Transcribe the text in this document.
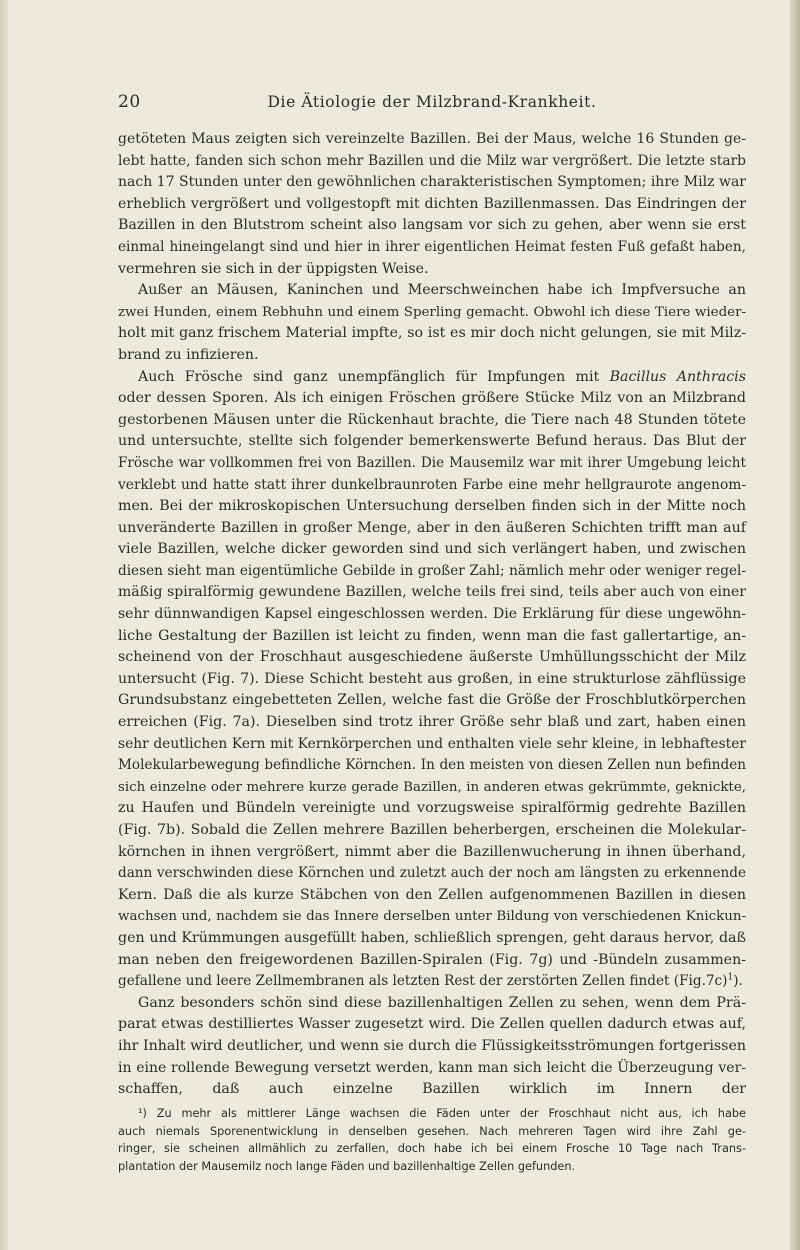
20	Die Ätiologie der Milzbrand-Krankheit.
getöteten Maus zeigten sich vereinzelte Bazillen. Bei der Maus, welche 16 Stunden ge-
lebt hatte, fanden sich schon mehr Bazillen und die Milz war vergrößert. Die letzte starb
nach 17 Stunden unter den gewöhnlichen charakteristischen Symptomen; ihre Milz war
erheblich vergrößert und vollgestopft mit dichten Bazillenmassen. Das Eindringen der
Bazillen in den Blutstrom scheint also langsam vor sich zu gehen, aber wenn sie erst
einmal hineingelangt sind und hier in ihrer eigentlichen Heimat festen Fuß gefaßt haben,
vermehren sie sich in der üppigsten Weise.
Außer an Mäusen, Kaninchen und Meerschweinchen habe ich Impfversuche an
zwei Hunden, einem Rebhuhn und einem Sperling gemacht. Obwohl ich diese Tiere wieder-
holt mit ganz frischem Material impfte, so ist es mir doch nicht gelungen, sie mit Milz-
brand zu infizieren.
Auch Frösche sind ganz unempfänglich für Impfungen mit Bacillus Anthracis
oder dessen Sporen. Als ich einigen Fröschen größere Stücke Milz von an Milzbrand
gestorbenen Mäusen unter die Rückenhaut brachte, die Tiere nach 48 Stunden tötete
und untersuchte, stellte sich folgender bemerkenswerte Befund heraus. Das Blut der
Frösche war vollkommen frei von Bazillen. Die Mausemilz war mit ihrer Umgebung leicht
verklebt und hatte statt ihrer dunkelbraunroten Farbe eine mehr hellgraurote angenom-
men. Bei der mikroskopischen Untersuchung derselben finden sich in der Mitte noch
unveränderte Bazillen in großer Menge, aber in den äußeren Schichten trifft man auf
viele Bazillen, welche dicker geworden sind und sich verlängert haben, und zwischen
diesen sieht man eigentümliche Gebilde in großer Zahl; nämlich mehr oder weniger regel-
mäßig spiralförmig gewundene Bazillen, welche teils frei sind, teils aber auch von einer
sehr dünnwandigen Kapsel eingeschlossen werden. Die Erklärung für diese ungewöhn-
liche Gestaltung der Bazillen ist leicht zu finden, wenn man die fast gallertartige, an-
scheinend von der Froschhaut ausgeschiedene äußerste Umhüllungsschicht der Milz
untersucht (Fig. 7). Diese Schicht besteht aus großen, in eine strukturlose zähflüssige
Grundsubstanz eingebetteten Zellen, welche fast die Größe der Froschblutkörperchen
erreichen (Fig. 7a). Dieselben sind trotz ihrer Größe sehr blaß und zart, haben einen
sehr deutlichen Kern mit Kernkörperchen und enthalten viele sehr kleine, in lebhaftester
Molekularbewegung befindliche Körnchen. In den meisten von diesen Zellen nun befinden
sich einzelne oder mehrere kurze gerade Bazillen, in anderen etwas gekrümmte, geknickte,
zu Haufen und Bündeln vereinigte und vorzugsweise spiralförmig gedrehte Bazillen
(Fig. 7b). Sobald die Zellen mehrere Bazillen beherbergen, erscheinen die Molekular-
körnchen in ihnen vergrößert, nimmt aber die Bazillenwucherung in ihnen überhand,
dann verschwinden diese Körnchen und zuletzt auch der noch am längsten zu erkennende
Kern. Daß die als kurze Stäbchen von den Zellen aufgenommenen Bazillen in diesen
wachsen und, nachdem sie das Innere derselben unter Bildung von verschiedenen Knickun-
gen und Krümmungen ausgefüllt haben, schließlich sprengen, geht daraus hervor, daß
man neben den freigewordenen Bazillen-Spiralen (Fig. 7g) und -Bündeln zusammen-
gefallene und leere Zellmembranen als letzten Rest der zerstörten Zellen findet $(Fig.7c)^1$).
Ganz besonders schön sind diese bazillenhaltigen Zellen zu sehen, wenn dem Prä-
parat etwas destilliertes Wasser zugesetzt wird. Die Zellen quellen dadurch etwas auf,
ihr Inhalt wird deutlicher, und wenn sie durch die Flüssigkeitsströmungen fortgerissen
in eine rollende Bewegung versetzt werden, kann man sich leicht die Überzeugung ver-
schaffen, daß auch einzelne Bazillen wirklich im Innern der
¹) Zu mehr als mittlerer Länge wachsen die Fäden unter der Froschhaut nicht aus, ich habe
auch niemals Sporenentwicklung in denselben gesehen. Nach mehreren Tagen wird ihre Zahl ge-
ringer, sie scheinen allmählich zu zerfallen, doch habe ich bei einem Frosche 10 Tage nach Trans-
plantation der Mausemilz noch lange Fäden und bazillenhaltige Zellen gefunden.
